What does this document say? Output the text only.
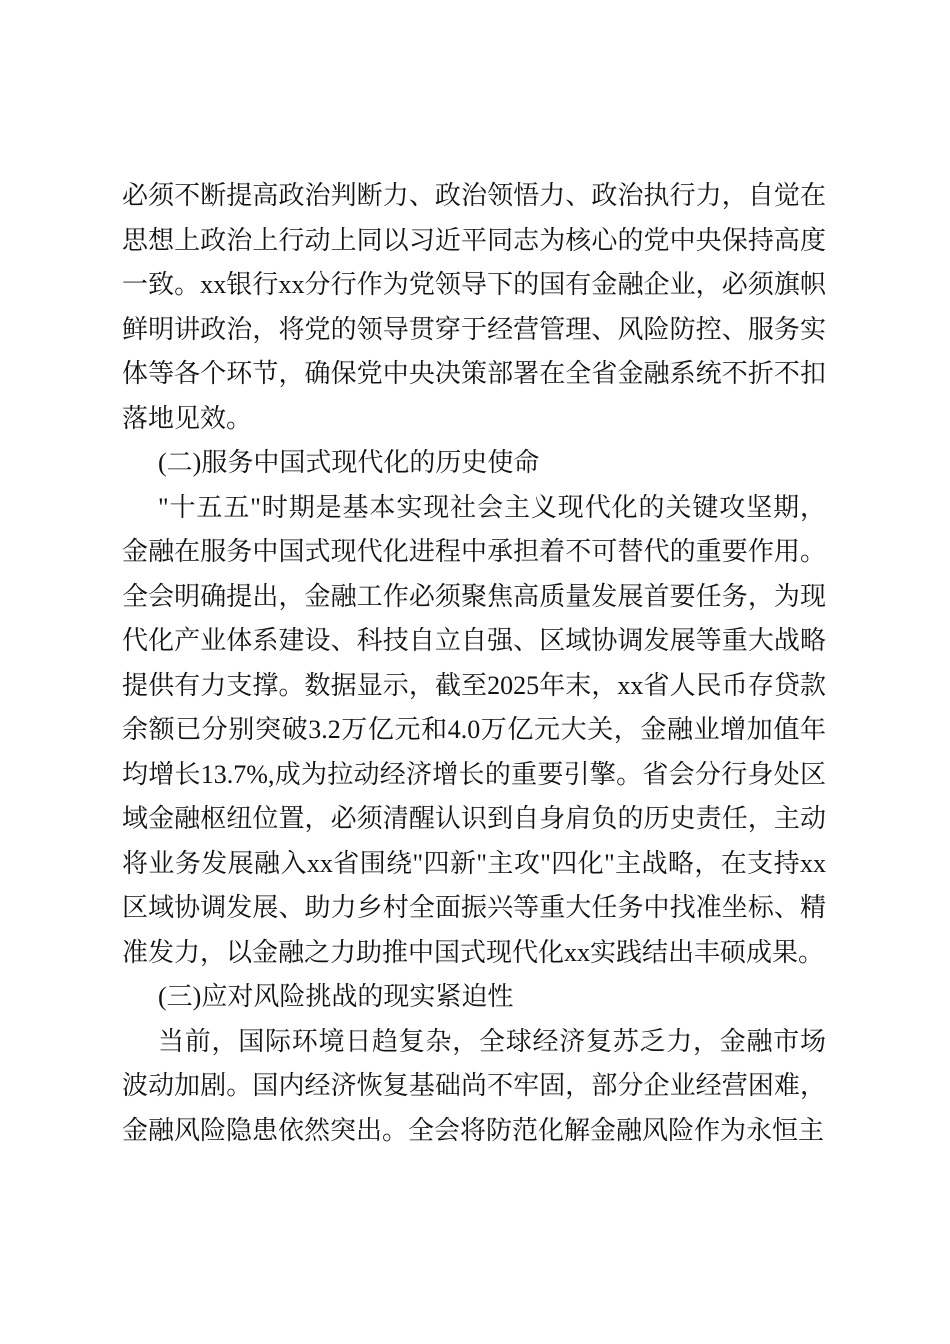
必须不断提高政治判断力、政治领悟力、政治执行力，自觉在思想上政治上行动上同以习近平同志为核心的党中央保持高度一致。xx银行xx分行作为党领导下的国有金融企业，必须旗帜鲜明讲政治，将党的领导贯穿于经营管理、风险防控、服务实体等各个环节，确保党中央决策部署在全省金融系统不折不扣落地见效。

(二)服务中国式现代化的历史使命

"十五五"时期是基本实现社会主义现代化的关键攻坚期，金融在服务中国式现代化进程中承担着不可替代的重要作用。全会明确提出，金融工作必须聚焦高质量发展首要任务，为现代化产业体系建设、科技自立自强、区域协调发展等重大战略提供有力支撑。数据显示，截至2025年末，xx省人民币存贷款余额已分别突破3.2万亿元和4.0万亿元大关，金融业增加值年均增长13.7%,成为拉动经济增长的重要引擎。省会分行身处区域金融枢纽位置，必须清醒认识到自身肩负的历史责任，主动将业务发展融入xx省围绕"四新"主攻"四化"主战略，在支持xx区域协调发展、助力乡村全面振兴等重大任务中找准坐标、精准发力，以金融之力助推中国式现代化xx实践结出丰硕成果。

(三)应对风险挑战的现实紧迫性

当前，国际环境日趋复杂，全球经济复苏乏力，金融市场波动加剧。国内经济恢复基础尚不牢固，部分企业经营困难，金融风险隐患依然突出。全会将防范化解金融风险作为永恒主
